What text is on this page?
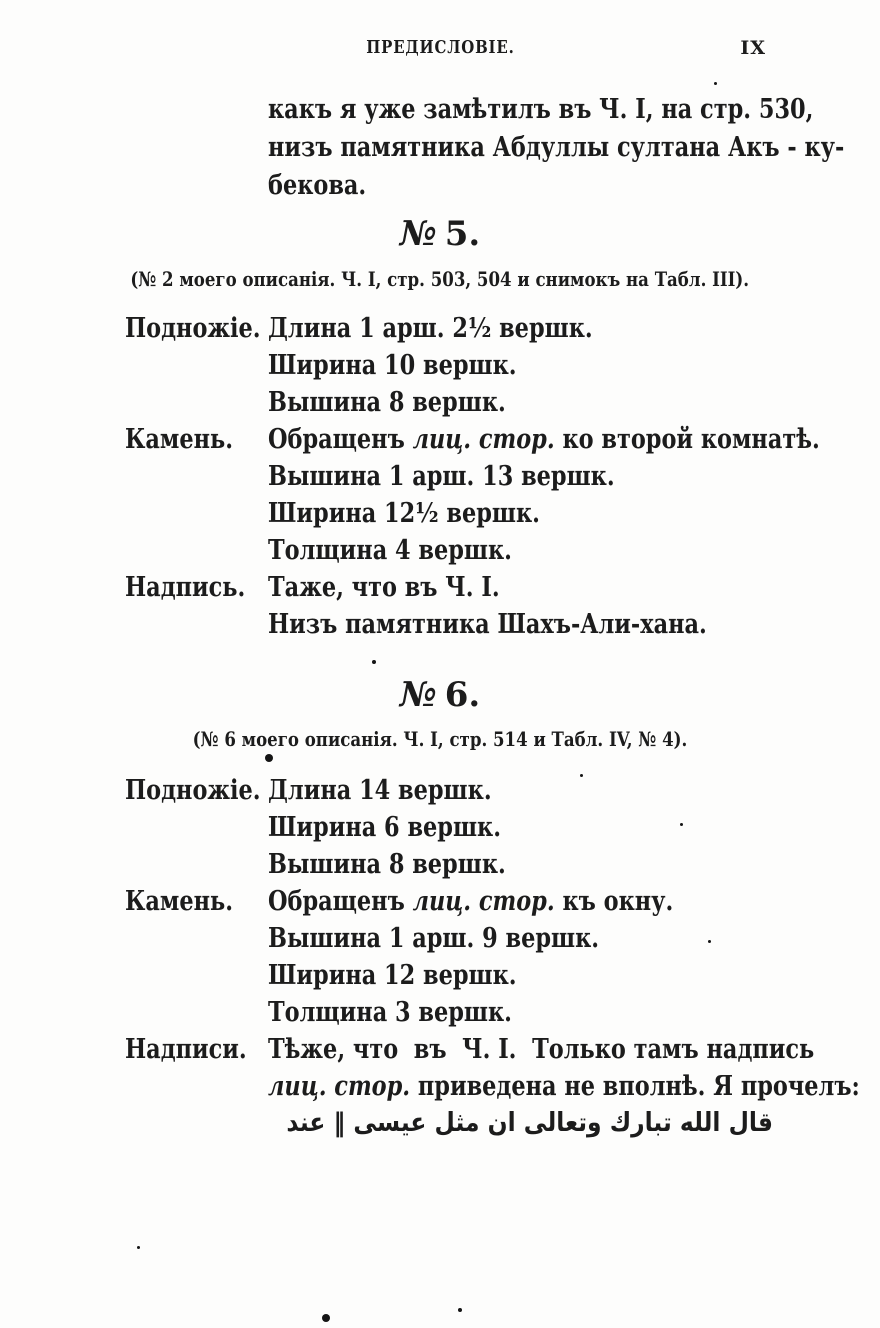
ПРЕДИСЛОВІЕ.	IX
какъ я уже замѣтилъ въ Ч. I, на стр. 530,
низъ памятника Абдуллы султана Акъ - ку-
бекова.
№ 5.
(№ 2 моего описанія. Ч. I, стр. 503, 504 и снимокъ на Табл. III).
Подножіе. Длина 1 арш. 2½ вершк.
Ширина 10 вершк.
Вышина 8 вершк.
Камень.	Обращенъ лиц. стор. ко второй комнатѣ.
Вышина 1 арш. 13 вершк.
Ширина 12½ вершк.
Толщина 4 вершк.
Надпись. Таже, что въ Ч. I.
Низъ памятника Шахъ-Али-хана.
№ 6.
(№ 6 моего описанія. Ч. I, стр. 514 и Табл. IV, № 4).
Подножіе. Длина 14 вершк.
Ширина 6 вершк.
Вышина 8 вершк.
Камень.	Обращенъ лиц. стор. къ окну.
Вышина 1 арш. 9 вершк.
Ширина 12 вершк.
Толщина 3 вершк.
Надписи. Тѣже, что  въ  Ч. I.  Только тамъ надпись
лиц. стор. приведена не вполнѣ. Я прочелъ:
قال الله تبارك وتعالى ان مثل عيسى ‖ عند
